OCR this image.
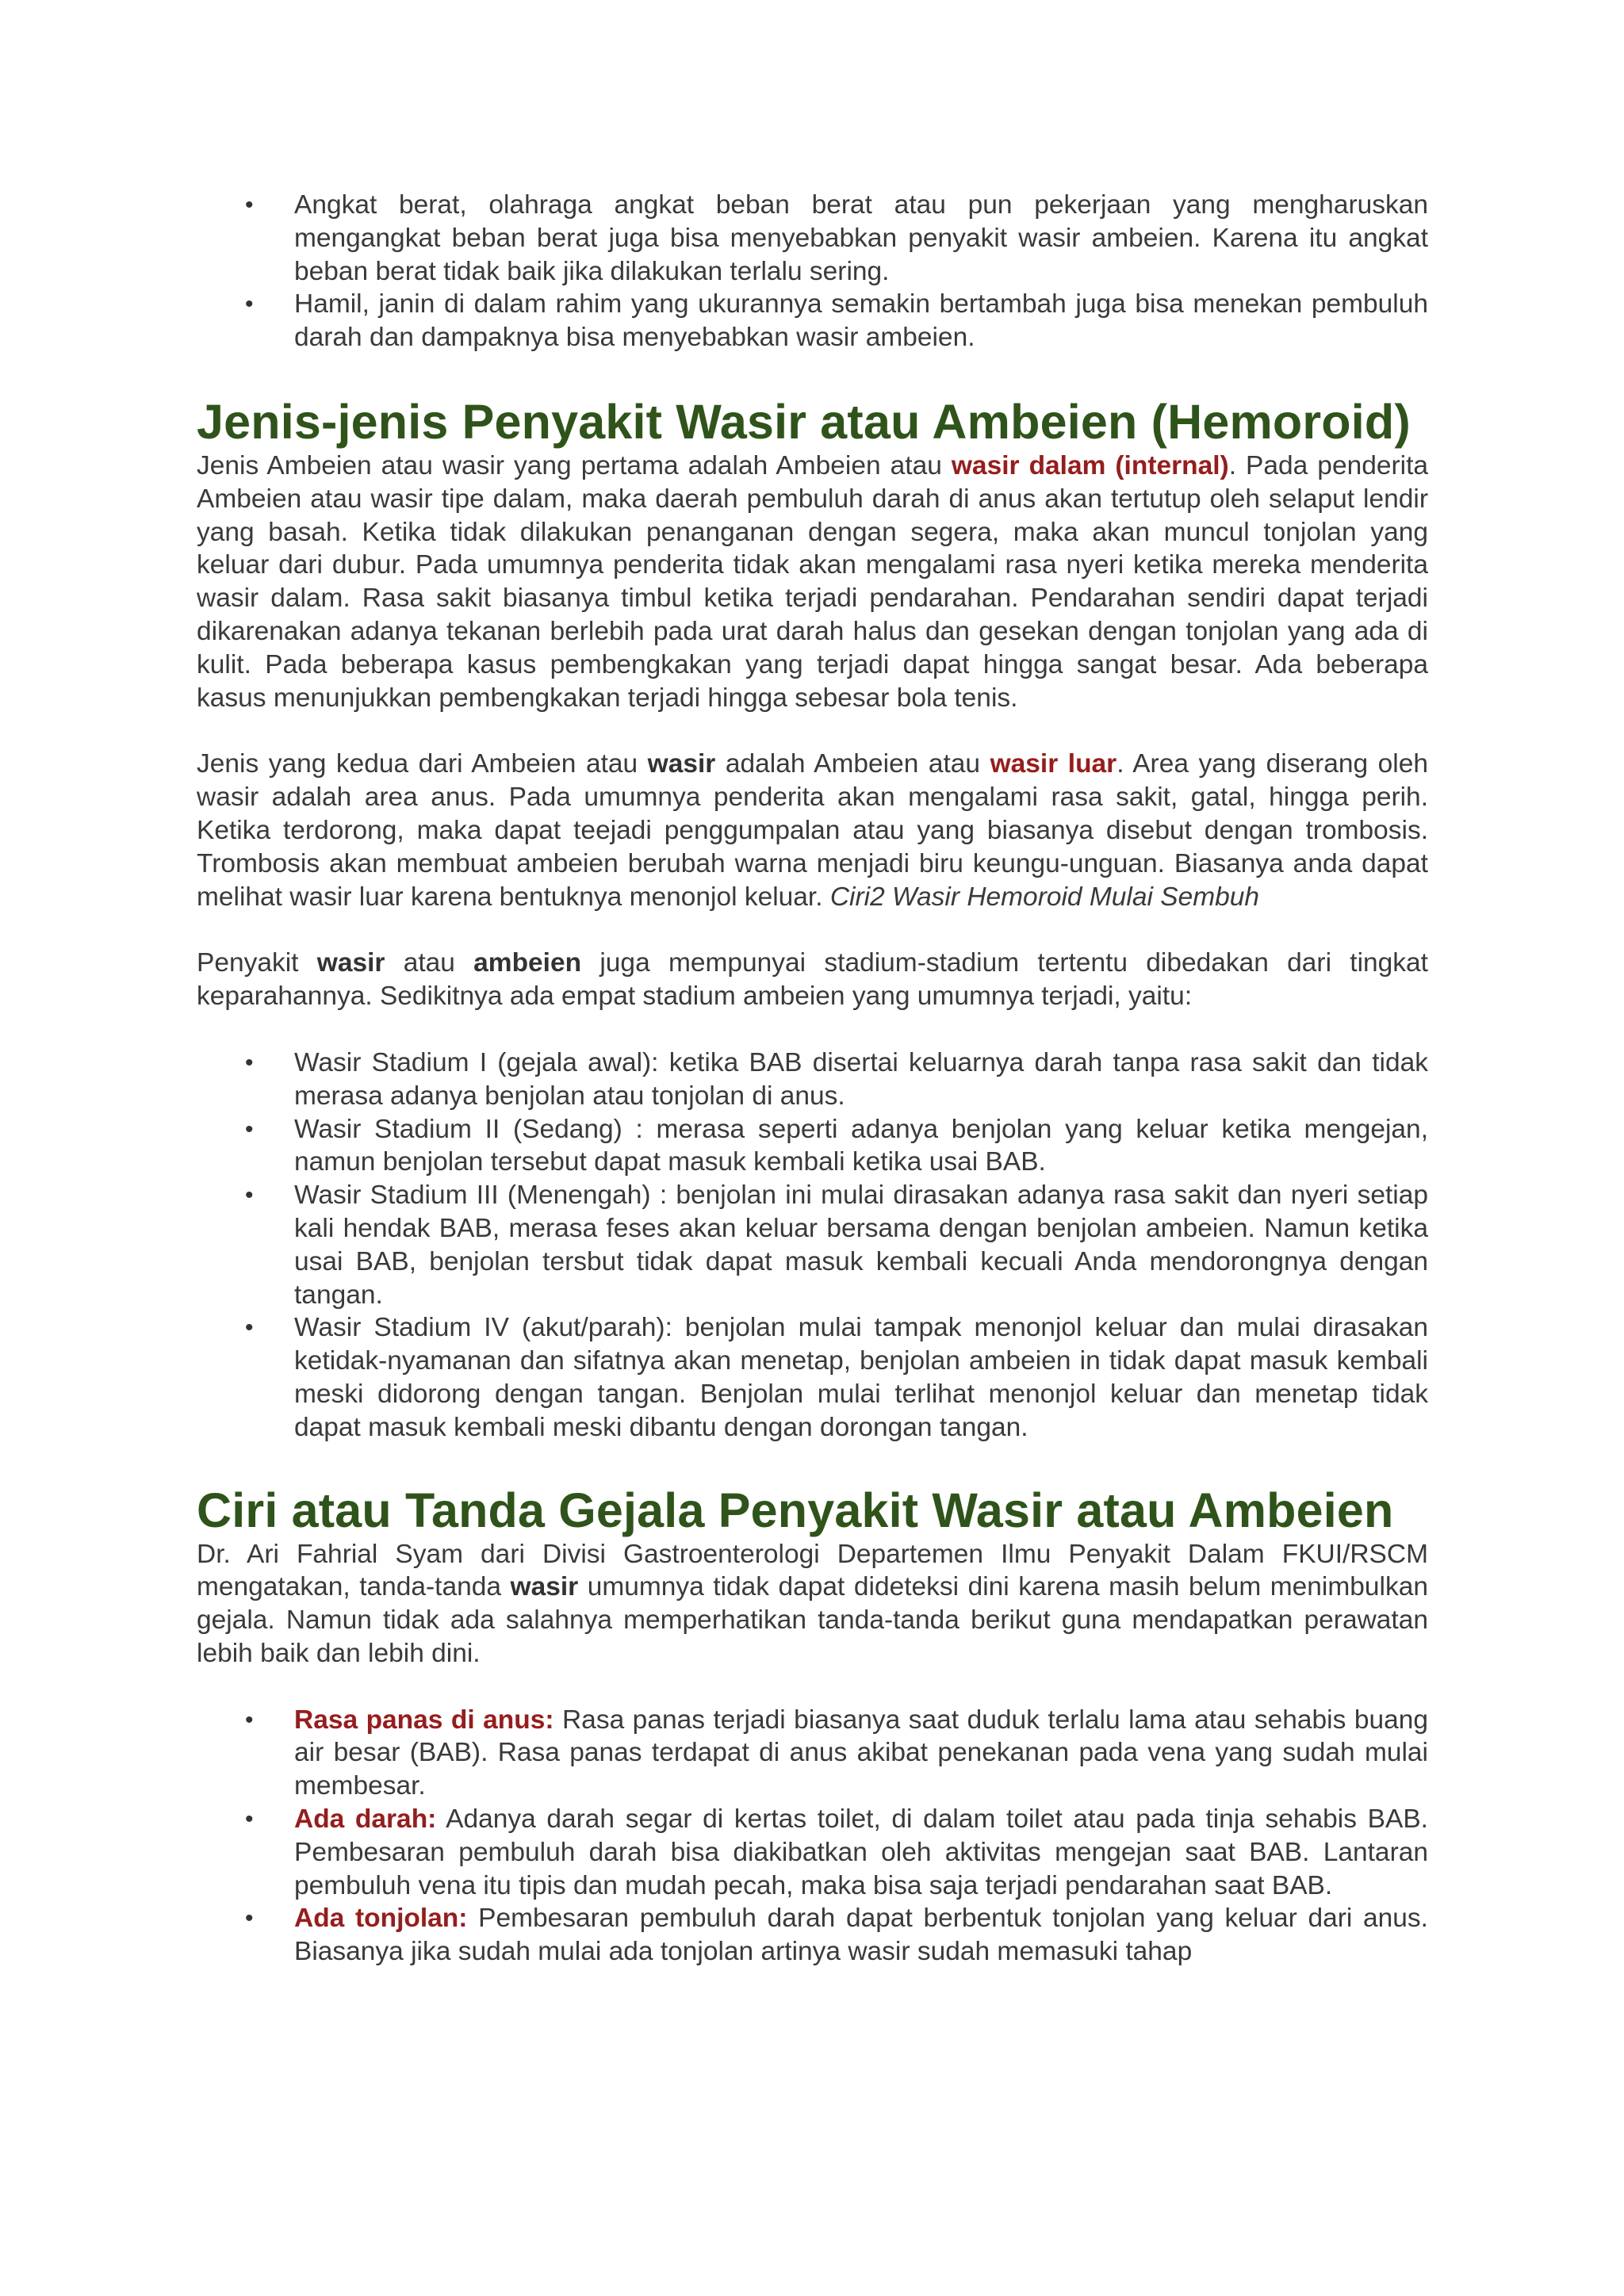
• Angkat berat, olahraga angkat beban berat atau pun pekerjaan yang mengharuskan mengangkat beban berat juga bisa menyebabkan penyakit wasir ambeien. Karena itu angkat beban berat tidak baik jika dilakukan terlalu sering.
• Hamil, janin di dalam rahim yang ukurannya semakin bertambah juga bisa menekan pembuluh darah dan dampaknya bisa menyebabkan wasir ambeien.
Jenis-jenis Penyakit Wasir atau Ambeien (Hemoroid)

Jenis Ambeien atau wasir yang pertama adalah Ambeien atau wasir dalam (internal). Pada penderita Ambeien atau wasir tipe dalam, maka daerah pembuluh darah di anus akan tertutup oleh selaput lendir yang basah. Ketika tidak dilakukan penanganan dengan segera, maka akan muncul tonjolan yang keluar dari dubur. Pada umumnya penderita tidak akan mengalami rasa nyeri ketika mereka menderita wasir dalam. Rasa sakit biasanya timbul ketika terjadi pendarahan. Pendarahan sendiri dapat terjadi dikarenakan adanya tekanan berlebih pada urat darah halus dan gesekan dengan tonjolan yang ada di kulit. Pada beberapa kasus pembengkakan yang terjadi dapat hingga sangat besar. Ada beberapa kasus menunjukkan pembengkakan terjadi hingga sebesar bola tenis.

Jenis yang kedua dari Ambeien atau wasir adalah Ambeien atau wasir luar. Area yang diserang oleh wasir adalah area anus. Pada umumnya penderita akan mengalami rasa sakit, gatal, hingga perih. Ketika terdorong, maka dapat teejadi penggumpalan atau yang biasanya disebut dengan trombosis. Trombosis akan membuat ambeien berubah warna menjadi biru keungu-unguan. Biasanya anda dapat melihat wasir luar karena bentuknya menonjol keluar. Ciri2 Wasir Hemoroid Mulai Sembuh

Penyakit wasir atau ambeien juga mempunyai stadium-stadium tertentu dibedakan dari tingkat keparahannya. Sedikitnya ada empat stadium ambeien yang umumnya terjadi, yaitu:

• Wasir Stadium I (gejala awal): ketika BAB disertai keluarnya darah tanpa rasa sakit dan tidak merasa adanya benjolan atau tonjolan di anus.
• Wasir Stadium II (Sedang) : merasa seperti adanya benjolan yang keluar ketika mengejan, namun benjolan tersebut dapat masuk kembali ketika usai BAB.
• Wasir Stadium III (Menengah) : benjolan ini mulai dirasakan adanya rasa sakit dan nyeri setiap kali hendak BAB, merasa feses akan keluar bersama dengan benjolan ambeien. Namun ketika usai BAB, benjolan tersbut tidak dapat masuk kembali kecuali Anda mendorongnya dengan tangan.
• Wasir Stadium IV (akut/parah): benjolan mulai tampak menonjol keluar dan mulai dirasakan ketidak-nyamanan dan sifatnya akan menetap, benjolan ambeien in tidak dapat masuk kembali meski didorong dengan tangan. Benjolan mulai terlihat menonjol keluar dan menetap tidak dapat masuk kembali meski dibantu dengan dorongan tangan.
Ciri atau Tanda Gejala Penyakit Wasir atau Ambeien

Dr. Ari Fahrial Syam dari Divisi Gastroenterologi Departemen Ilmu Penyakit Dalam FKUI/RSCM mengatakan, tanda-tanda wasir umumnya tidak dapat dideteksi dini karena masih belum menimbulkan gejala. Namun tidak ada salahnya memperhatikan tanda-tanda berikut guna mendapatkan perawatan lebih baik dan lebih dini.

• Rasa panas di anus: Rasa panas terjadi biasanya saat duduk terlalu lama atau sehabis buang air besar (BAB). Rasa panas terdapat di anus akibat penekanan pada vena yang sudah mulai membesar.
• Ada darah: Adanya darah segar di kertas toilet, di dalam toilet atau pada tinja sehabis BAB. Pembesaran pembuluh darah bisa diakibatkan oleh aktivitas mengejan saat BAB. Lantaran pembuluh vena itu tipis dan mudah pecah, maka bisa saja terjadi pendarahan saat BAB.
• Ada tonjolan: Pembesaran pembuluh darah dapat berbentuk tonjolan yang keluar dari anus. Biasanya jika sudah mulai ada tonjolan artinya wasir sudah memasuki tahap
